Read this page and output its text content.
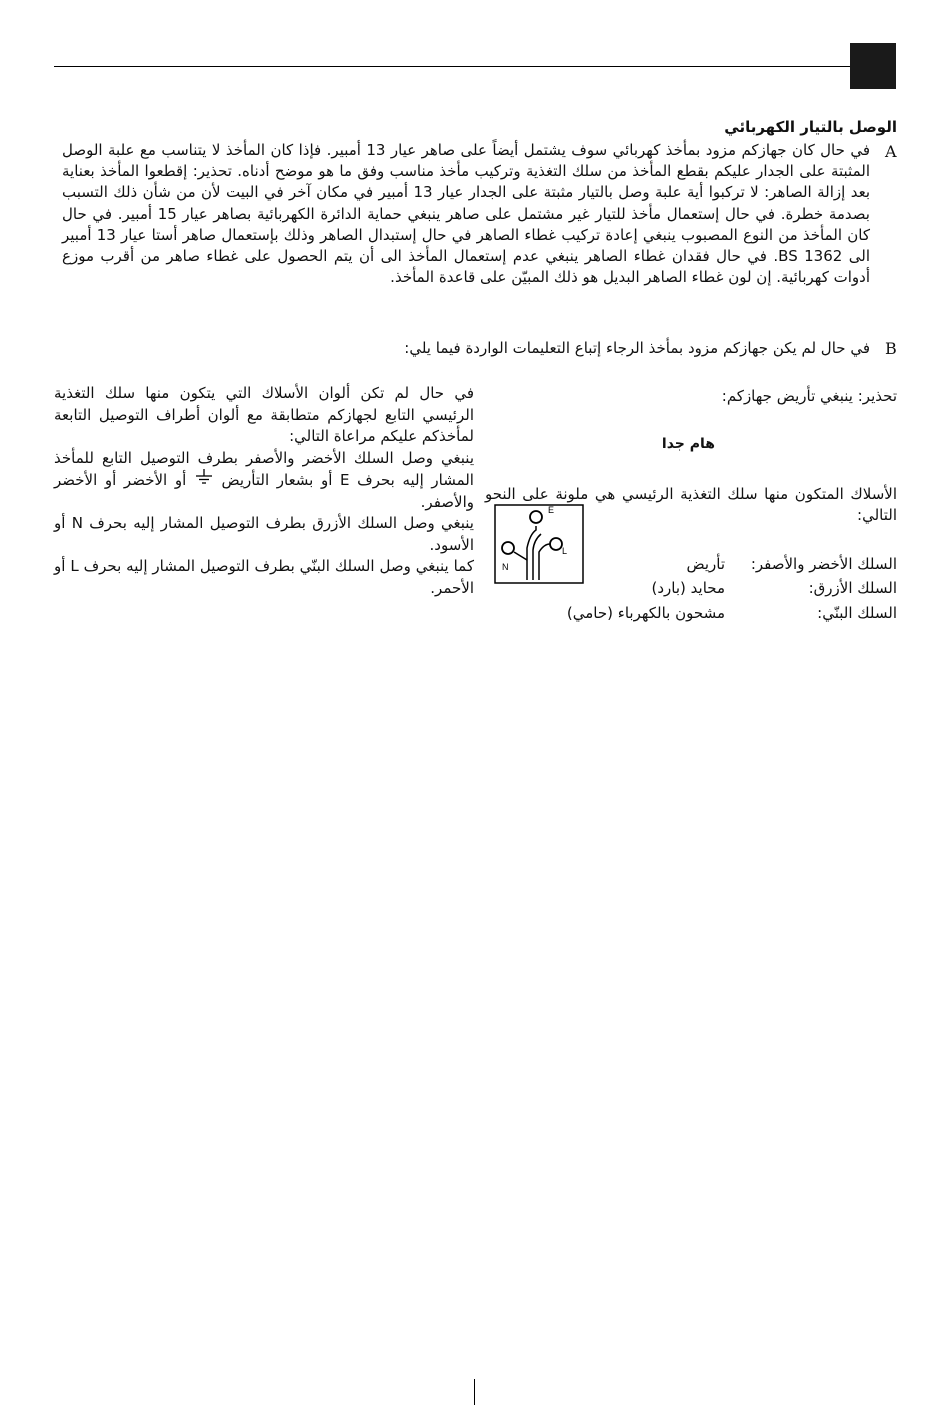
الوصل بالتيار الكهربائي
A
في حال كان جهازكم مزود بمأخذ كهربائي سوف يشتمل أيضاً على صاهر عيار 13 أمبير. فإذا كان المأخذ لا يتناسب مع علبة الوصل المثبتة على الجدار عليكم بقطع المأخذ من سلك التغذية وتركيب مأخذ مناسب وفق ما هو موضح أدناه. تحذير: إقطعوا المأخذ بعناية بعد إزالة الصاهر: لا تركبوا أية علبة وصل بالتيار مثبتة على الجدار عيار 13 أمبير في مكان آخر في البيت لأن من شأن ذلك التسبب بصدمة خطرة. في حال إستعمال مأخذ للتيار غير مشتمل على صاهر ينبغي حماية الدائرة الكهربائية بصاهر عيار 15 أمبير. في حال كان المأخذ من النوع المصبوب ينبغي إعادة تركيب غطاء الصاهر في حال إستبدال الصاهر وذلك بإستعمال صاهر أستا عيار 13 أمبير الى BS 1362. في حال فقدان غطاء الصاهر ينبغي عدم إستعمال المأخذ الى أن يتم الحصول على غطاء صاهر من أقرب موزع أدوات كهربائية. إن لون غطاء الصاهر البديل هو ذلك المبيّن على قاعدة المأخذ.
B
في حال لم يكن جهازكم مزود بمأخذ الرجاء إتباع التعليمات الواردة فيما يلي:
تحذير: ينبغي تأريض جهازكم:
هام جدا
الأسلاك المتكون منها سلك التغذية الرئيسي هي ملونة على النحو التالي:
السلك الأخضر والأصفر:تأريض
السلك الأزرق:محايد (بارد)
السلك البنّي:مشحون بالكهرباء (حامي)
E
N
L

في حال لم تكن ألوان الأسلاك التي يتكون منها سلك التغذية الرئيسي التابع لجهازكم متطابقة مع ألوان أطراف التوصيل التابعة لمأخذكم عليكم مراعاة التالي:

ينبغي وصل السلك الأخضر والأصفر بطرف التوصيل التابع للمأخذ المشار إليه بحرف E أو بشعار التأريض  أو الأخضر أو الأخضر والأصفر.

ينبغي وصل السلك الأزرق بطرف التوصيل المشار إليه بحرف N أو الأسود.

كما ينبغي وصل السلك البنّي بطرف التوصيل المشار إليه بحرف L أو الأحمر.
